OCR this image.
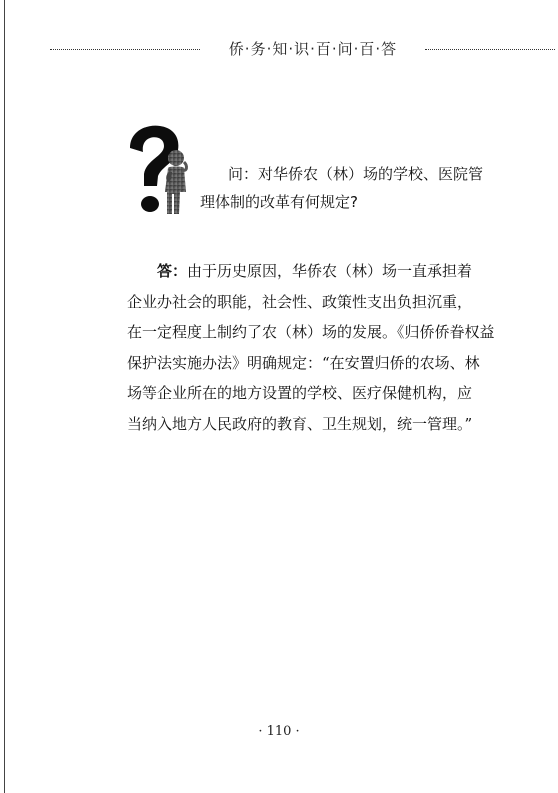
侨·务·知·识·百·问·百·答
问：对华侨农（林）场的学校、医院管
理体制的改革有何规定?
答：由于历史原因，华侨农（林）场一直承担着
企业办社会的职能，社会性、政策性支出负担沉重，
在一定程度上制约了农（林）场的发展。《归侨侨眷权益
保护法实施办法》明确规定：“在安置归侨的农场、林
场等企业所在的地方设置的学校、医疗保健机构，应
当纳入地方人民政府的教育、卫生规划，统一管理。”
· 110 ·
